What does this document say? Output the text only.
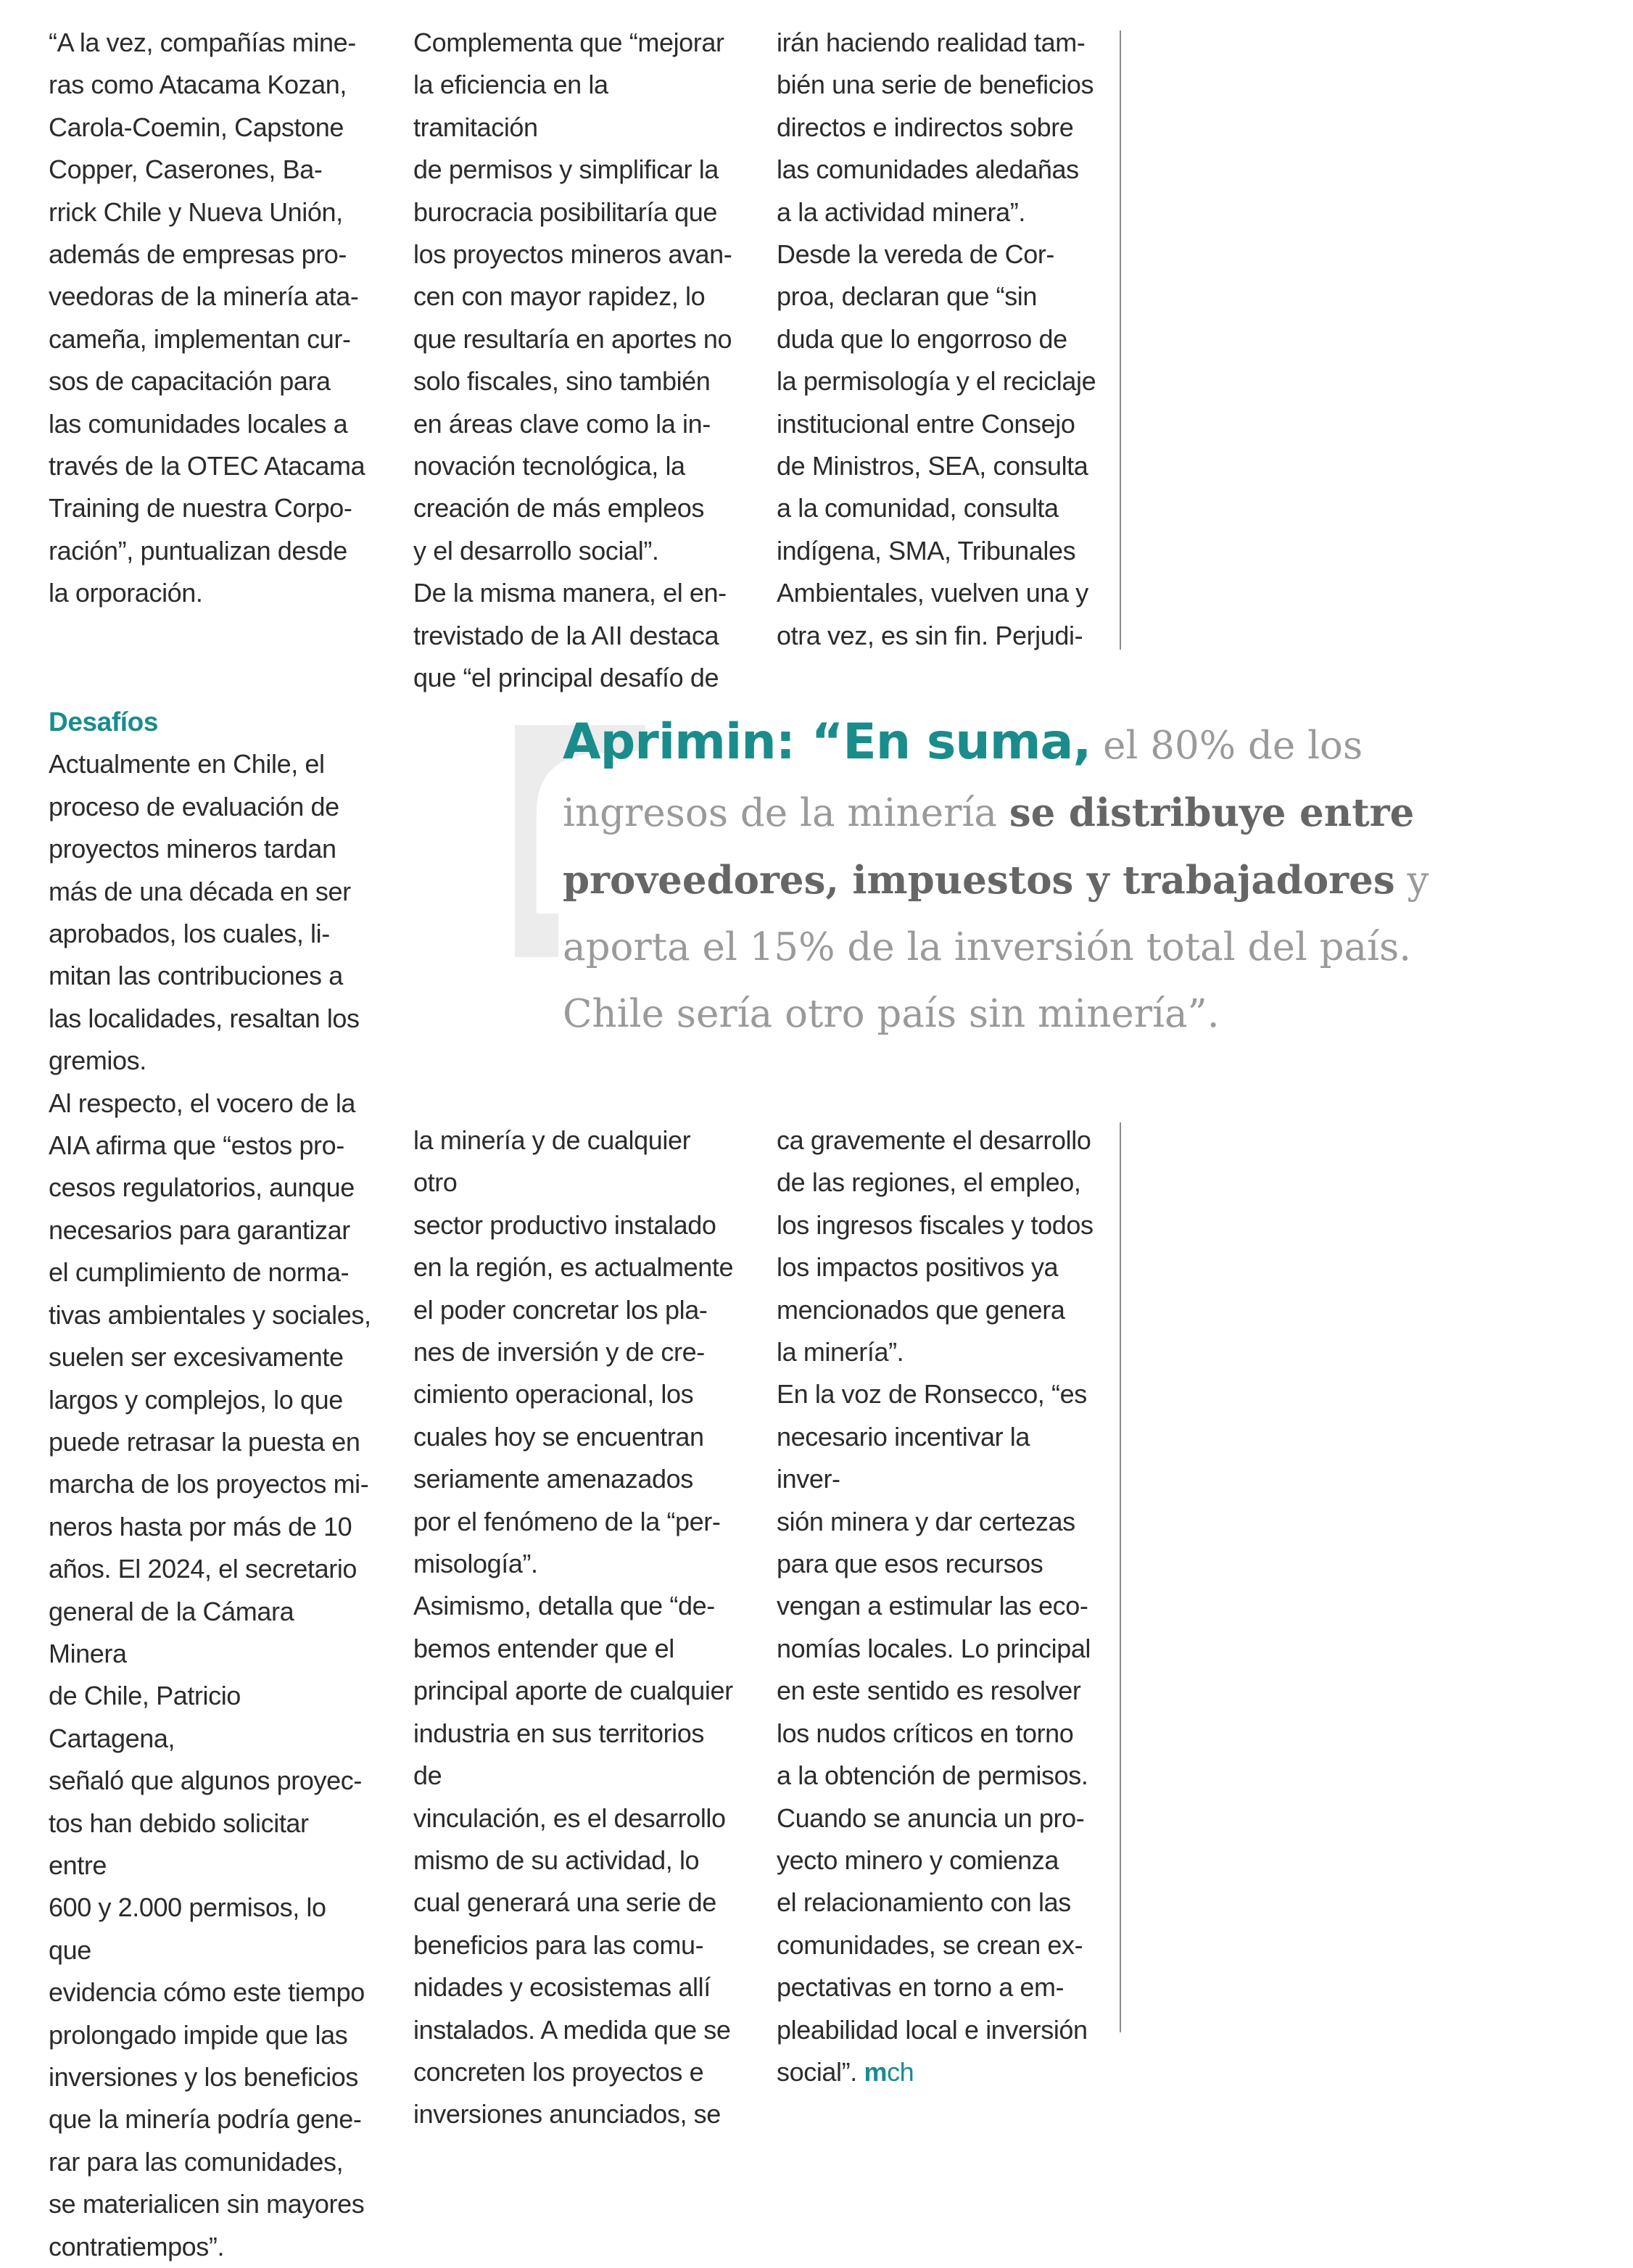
“A la vez, compañías mine-
ras como Atacama Kozan,
Carola-Coemin, Capstone
Copper, Caserones, Ba-
rrick Chile y Nueva Unión,
además de empresas pro-
veedoras de la minería ata-
cameña, implementan cur-
sos de capacitación para
las comunidades locales a
través de la OTEC Atacama
Training de nuestra Corpo-
ración”, puntualizan desde
la orporación.

Complementa que “mejorar
la eficiencia en la tramitación
de permisos y simplificar la
burocracia posibilitaría que
los proyectos mineros avan-
cen con mayor rapidez, lo
que resultaría en aportes no
solo fiscales, sino también
en áreas clave como la in-
novación tecnológica, la
creación de más empleos
y el desarrollo social”.

De la misma manera, el en-
trevistado de la AII destaca
que “el principal desafío de

irán haciendo realidad tam-
bién una serie de beneficios
directos e indirectos sobre
las comunidades aledañas
a la actividad minera”.

Desde la vereda de Cor-
proa, declaran que “sin
duda que lo engorroso de
la permisología y el reciclaje
institucional entre Consejo
de Ministros, SEA, consulta
a la comunidad, consulta
indígena, SMA, Tribunales
Ambientales, vuelven una y
otra vez, es sin fin. Perjudi-

Desafíos

Actualmente en Chile, el
proceso de evaluación de
proyectos mineros tardan
más de una década en ser
aprobados, los cuales, li-
mitan las contribuciones a
las localidades, resaltan los
gremios.

Al respecto, el vocero de la
AIA afirma que “estos pro-
cesos regulatorios, aunque
necesarios para garantizar
el cumplimiento de norma-
tivas ambientales y sociales,
suelen ser excesivamente
largos y complejos, lo que
puede retrasar la puesta en
marcha de los proyectos mi-
neros hasta por más de 10
años. El 2024, el secretario
general de la Cámara Minera
de Chile, Patricio Cartagena,
señaló que algunos proyec-
tos han debido solicitar entre
600 y 2.000 permisos, lo que
evidencia cómo este tiempo
prolongado impide que las
inversiones y los beneficios
que la minería podría gene-
rar para las comunidades,
se materialicen sin mayores
contratiempos”.

Aprimin: “En suma, el 80% de los ingresos de la minería se distribuye entre proveedores, impuestos y trabajadores y aporta el 15% de la inversión total del país. Chile sería otro país sin minería”.

la minería y de cualquier otro
sector productivo instalado
en la región, es actualmente
el poder concretar los pla-
nes de inversión y de cre-
cimiento operacional, los
cuales hoy se encuentran
seriamente amenazados
por el fenómeno de la “per-
misología”.

Asimismo, detalla que “de-
bemos entender que el
principal aporte de cualquier
industria en sus territorios de
vinculación, es el desarrollo
mismo de su actividad, lo
cual generará una serie de
beneficios para las comu-
nidades y ecosistemas allí
instalados. A medida que se
concreten los proyectos e
inversiones anunciados, se

ca gravemente el desarrollo
de las regiones, el empleo,
los ingresos fiscales y todos
los impactos positivos ya
mencionados que genera
la minería”.

En la voz de Ronsecco, “es
necesario incentivar la inver-
sión minera y dar certezas
para que esos recursos
vengan a estimular las eco-
nomías locales. Lo principal
en este sentido es resolver
los nudos críticos en torno
a la obtención de permisos.
Cuando se anuncia un pro-
yecto minero y comienza
el relacionamiento con las
comunidades, se crean ex-
pectativas en torno a em-
pleabilidad local e inversión
social”. mch
